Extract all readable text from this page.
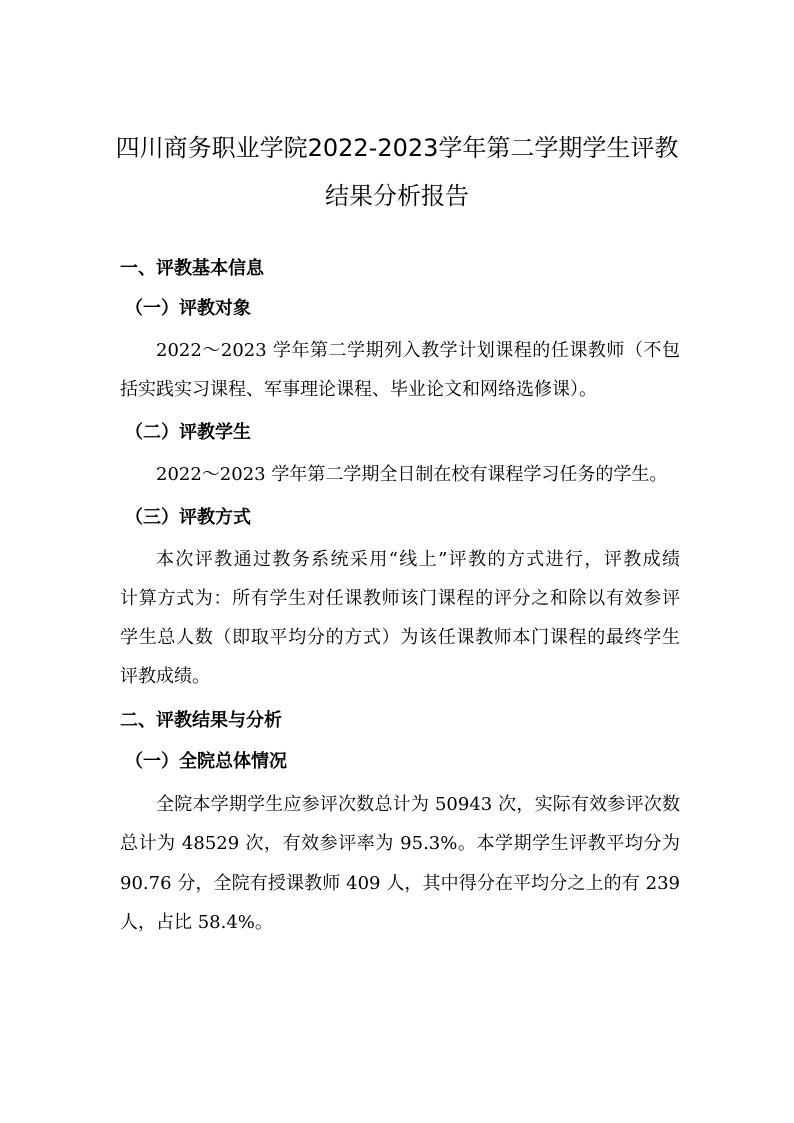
四川商务职业学院2022-2023学年第二学期学生评教
结果分析报告
一、评教基本信息
（一）评教对象
2022～2023 学年第二学期列入教学计划课程的任课教师（不包
括实践实习课程、军事理论课程、毕业论文和网络选修课）。
（二）评教学生
2022～2023 学年第二学期全日制在校有课程学习任务的学生。
（三）评教方式
本次评教通过教务系统采用“线上”评教的方式进行，评教成绩
计算方式为：所有学生对任课教师该门课程的评分之和除以有效参评
学生总人数（即取平均分的方式）为该任课教师本门课程的最终学生
评教成绩。
二、评教结果与分析
（一）全院总体情况
全院本学期学生应参评次数总计为 50943 次，实际有效参评次数
总计为 48529 次，有效参评率为 95.3%。本学期学生评教平均分为
90.76 分，全院有授课教师 409 人，其中得分在平均分之上的有 239
人，占比 58.4%。
